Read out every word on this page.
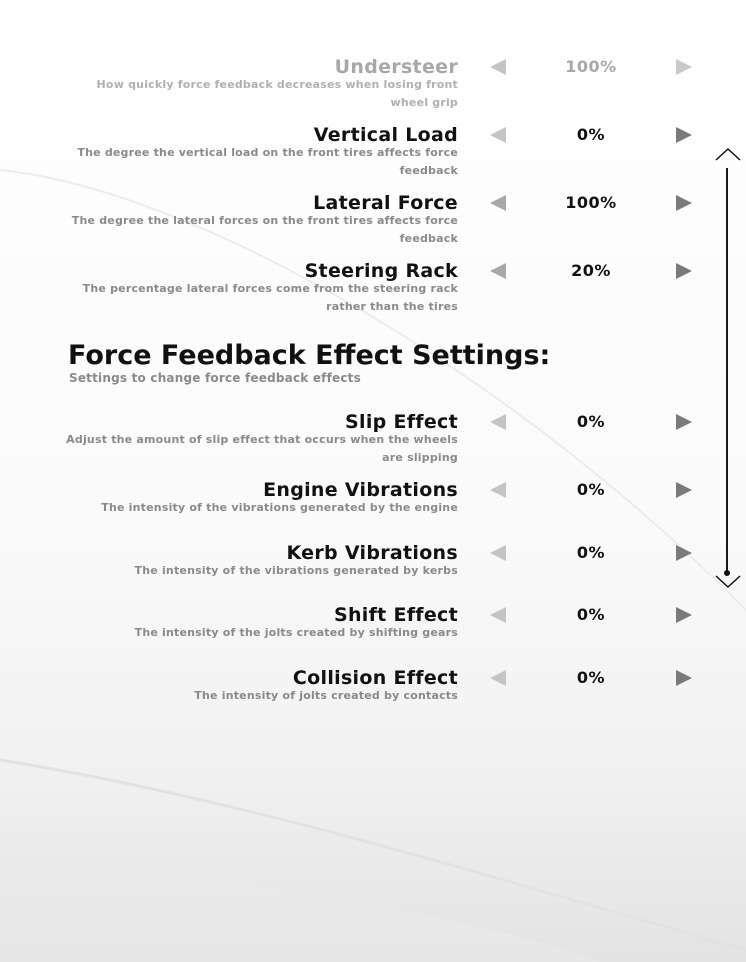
Understeer
How quickly force feedback decreases when losing front wheel grip
100%
Vertical Load
The degree the vertical load on the front tires affects force feedback
0%
Lateral Force
The degree the lateral forces on the front tires affects force feedback
100%
Steering Rack
The percentage lateral forces come from the steering rack rather than the tires
20%
Force Feedback Effect Settings:
Settings to change force feedback effects
Slip Effect
Adjust the amount of slip effect that occurs when the wheels are slipping
0%
Engine Vibrations
The intensity of the vibrations generated by the engine
0%
Kerb Vibrations
The intensity of the vibrations generated by kerbs
0%
Shift Effect
The intensity of the jolts created by shifting gears
0%
Collision Effect
The intensity of jolts created by contacts
0%
